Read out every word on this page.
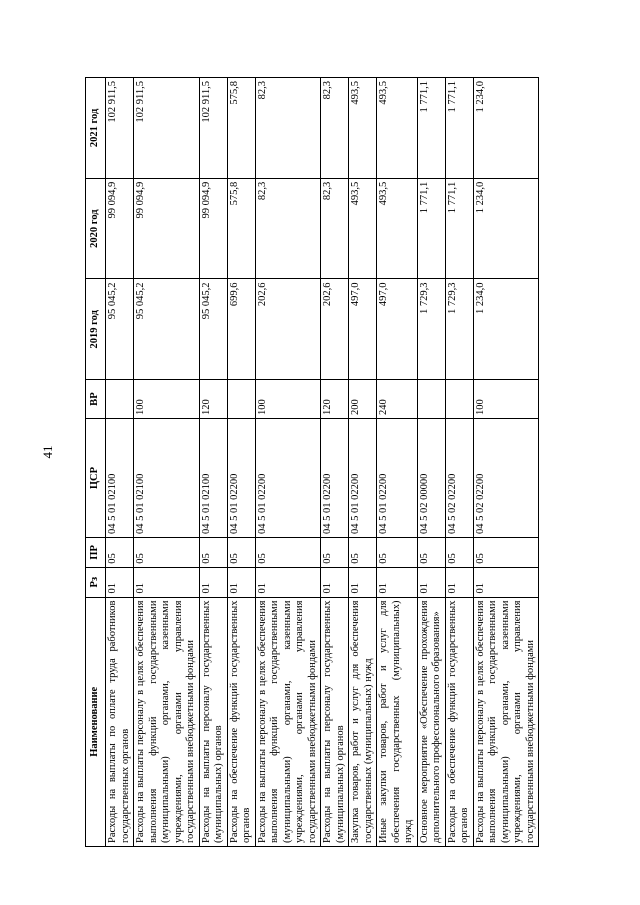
41
Наименование	Рз	ПР	ЦСР	ВР	2019 год	2020 год	2021 год
Расходы на выплаты по оплате труда работников государственных органов	01	05	04 5 01 02100		95 045,2	99 094,9	102 911,5
Расходы на выплаты персоналу в целях обеспечения выполнения функций государственными (муниципальными) органами, казенными учреждениями, органами управления государственными внебюджетными фондами	01	05	04 5 01 02100	100	95 045,2	99 094,9	102 911,5
Расходы на выплаты персоналу государственных (муниципальных) органов	01	05	04 5 01 02100	120	95 045,2	99 094,9	102 911,5
Расходы на обеспечение функций государственных органов	01	05	04 5 01 02200		699,6	575,8	575,8
Расходы на выплаты персоналу в целях обеспечения выполнения функций государственными (муниципальными) органами, казенными учреждениями, органами управления государственными внебюджетными фондами	01	05	04 5 01 02200	100	202,6	82,3	82,3
Расходы на выплаты персоналу государственных (муниципальных) органов	01	05	04 5 01 02200	120	202,6	82,3	82,3
Закупка товаров, работ и услуг для обеспечения государственных (муниципальных) нужд	01	05	04 5 01 02200	200	497,0	493,5	493,5
Иные закупки товаров, работ и услуг для обеспечения государственных (муниципальных) нужд	01	05	04 5 01 02200	240	497,0	493,5	493,5
Основное мероприятие «Обеспечение прохождения дополнительного профессионального образования»	01	05	04 5 02 00000		1 729,3	1 771,1	1 771,1
Расходы на обеспечение функций государственных органов	01	05	04 5 02 02200		1 729,3	1 771,1	1 771,1
Расходы на выплаты персоналу в целях обеспечения выполнения функций государственными (муниципальными) органами, казенными учреждениями, органами управления государственными внебюджетными фондами	01	05	04 5 02 02200	100	1 234,0	1 234,0	1 234,0
